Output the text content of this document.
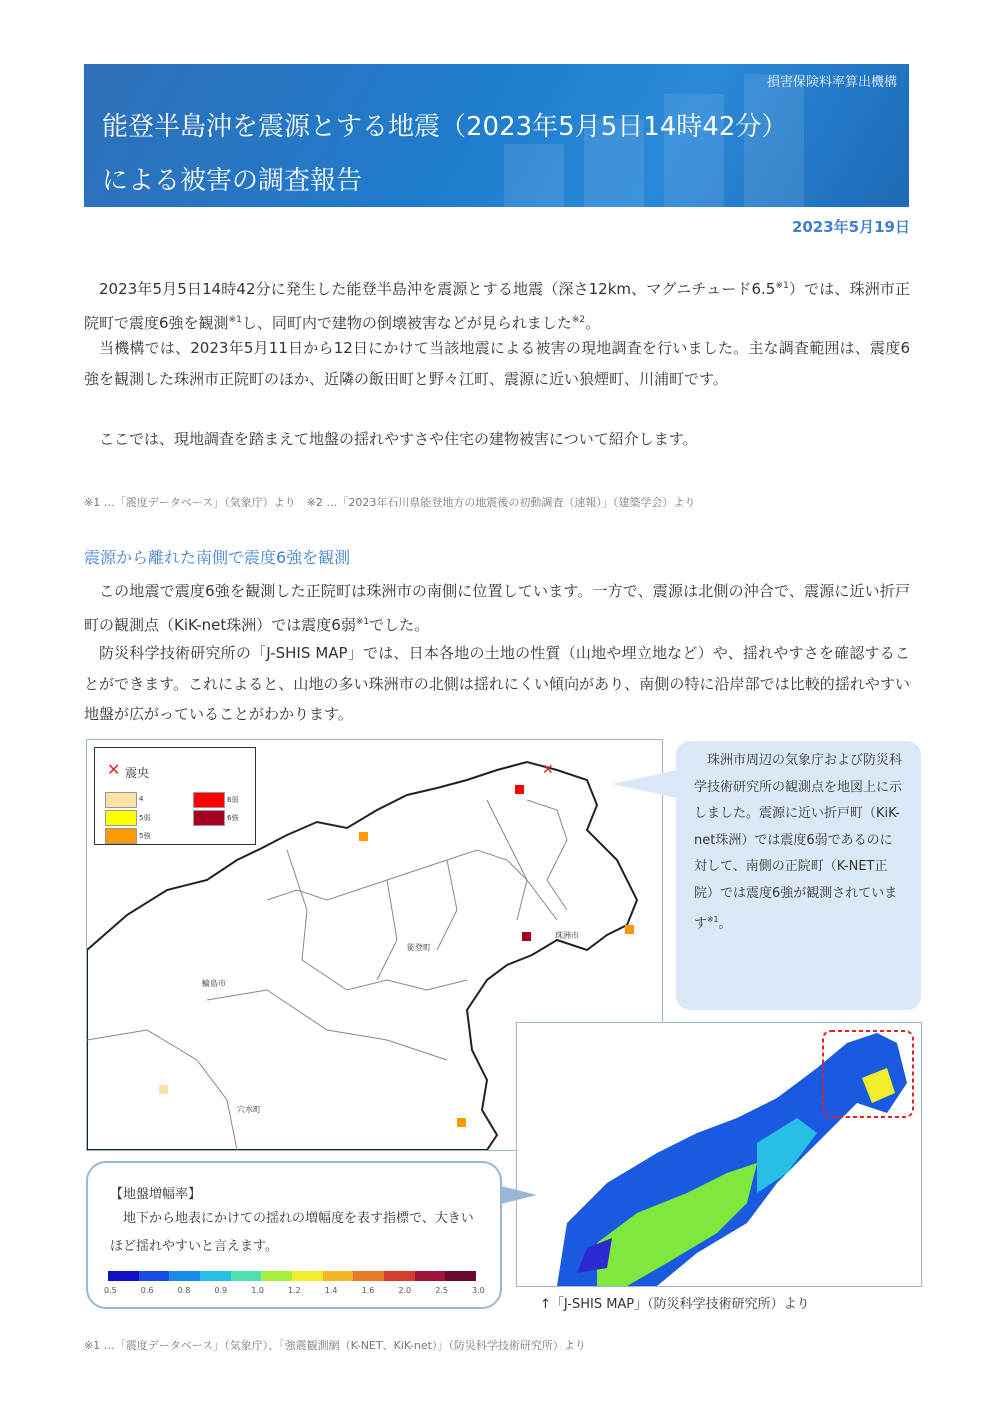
損害保険料率算出機構
能登半島沖を震源とする地震（2023年5月5日14時42分）
による被害の調査報告
2023年5月19日

2023年5月5日14時42分に発生した能登半島沖を震源とする地震（深さ12km、マグニチュード6.5$^{※1}$）では、珠洲市正院町で震度6強を観測$^{※1}$し、同町内で建物の倒壊被害などが見られました$^{※2}$。

当機構では、2023年5月11日から12日にかけて当該地震による被害の現地調査を行いました。主な調査範囲は、震度6強を観測した珠洲市正院町のほか、近隣の飯田町と野々江町、震源に近い狼煙町、川浦町です。

ここでは、現地調査を踏まえて地盤の揺れやすさや住宅の建物被害について紹介します。

※1 …「震度データベース」（気象庁）より　※2 …「2023年石川県能登地方の地震後の初動調査（速報）」（建築学会）より
震源から離れた南側で震度6強を観測

この地震で震度6強を観測した正院町は珠洲市の南側に位置しています。一方で、震源は北側の沖合で、震源に近い折戸町の観測点（KiK-net珠洲）では震度6弱$^{※1}$でした。

防災科学技術研究所の「J-SHIS MAP」では、日本各地の土地の性質（山地や埋立地など）や、揺れやすさを確認することができます。これによると、山地の多い珠洲市の北側は揺れにくい傾向があり、南側の特に沿岸部では比較的揺れやすい地盤が広がっていることがわかります。

✕
珠洲市
能登町
輪島市
穴水町
✕ 震央
4
5弱
5強
6弱
6強

珠洲市周辺の気象庁および防災科学技術研究所の観測点を地図上に示しました。震源に近い折戸町（KiK-net珠洲）では震度6弱であるのに対して、南側の正院町（K-NET正院）では震度6強が観測されています$^{※1}$。

↑「J-SHIS MAP」（防災科学技術研究所）より
【地盤増幅率】

地下から地表にかけての揺れの増幅度を表す指標で、大きいほど揺れやすいと言えます。

0.5	0.6	0.8	0.9	1.0	1.2	1.4	1.6	2.0	2.5	3.0
※1 …「震度データベース」（気象庁）、「強震観測網（K-NET、KiK-net）」（防災科学技術研究所）より
